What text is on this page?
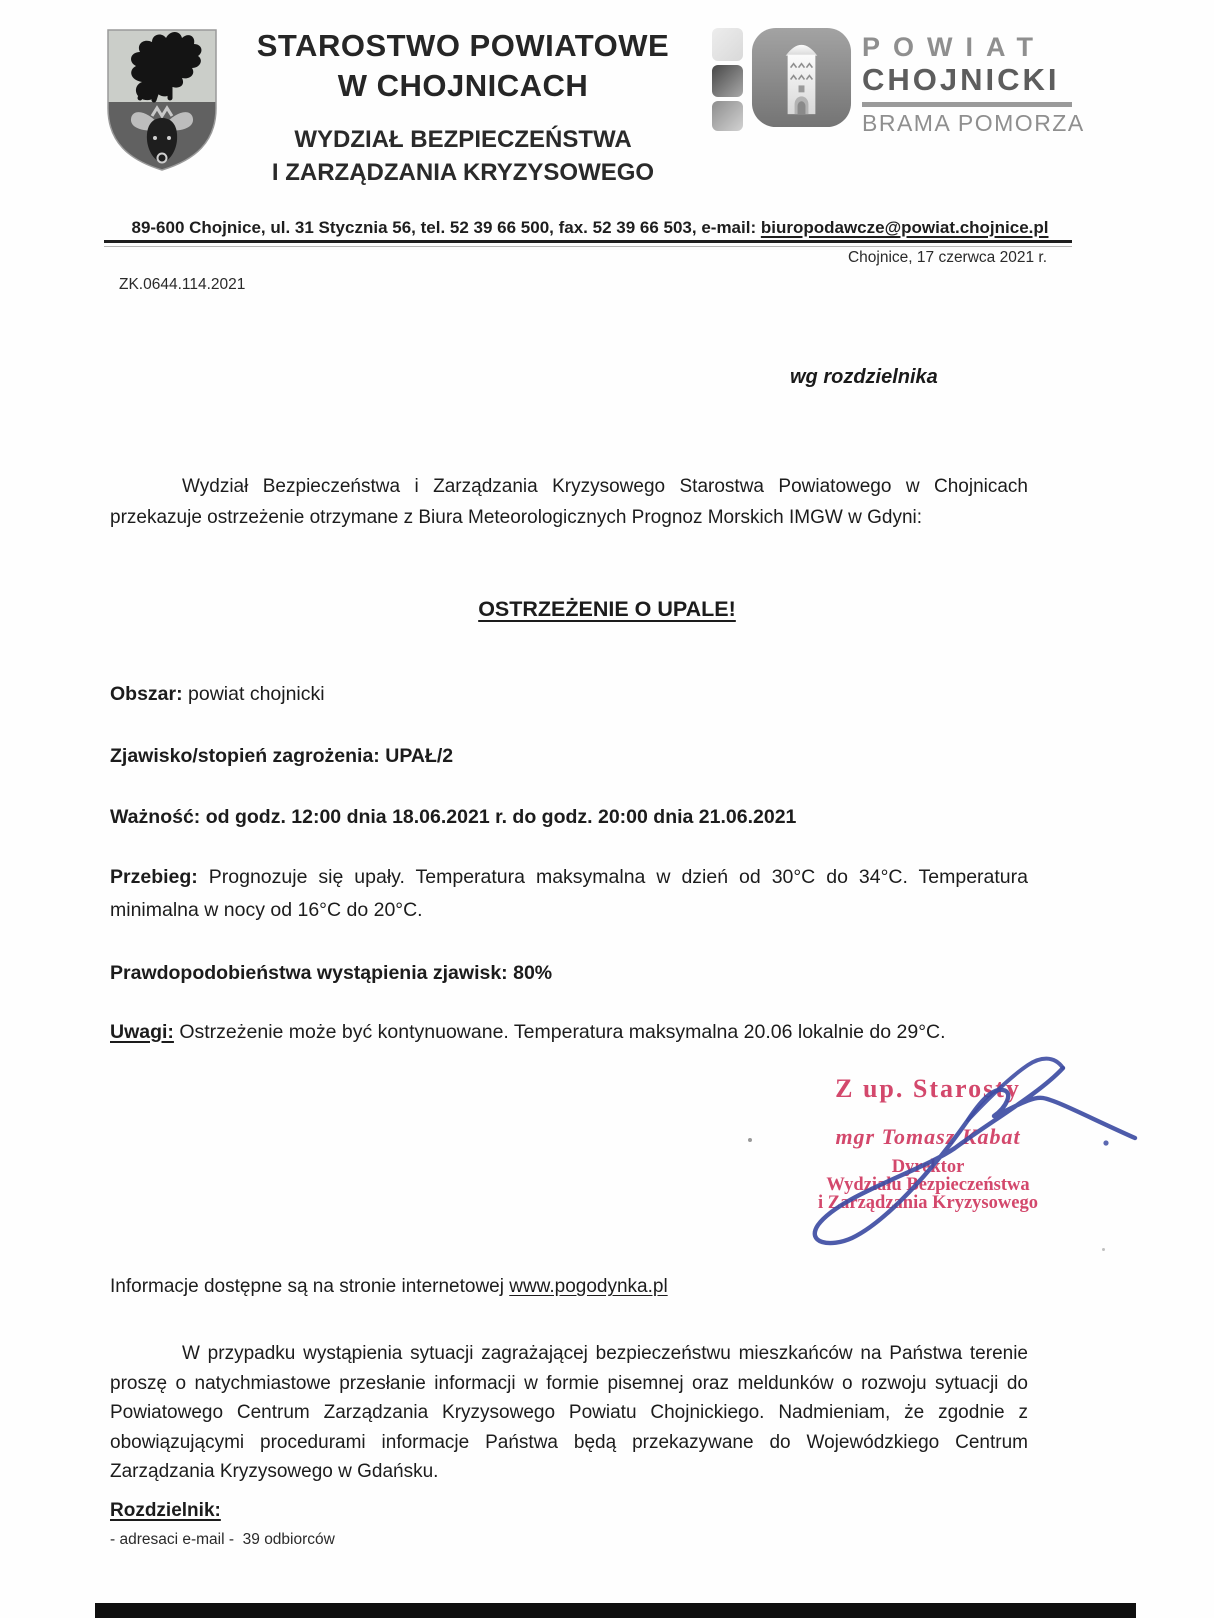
STAROSTWO POWIATOWE
W CHOJNICACH
WYDZIAŁ BEZPIECZEŃSTWA
I ZARZĄDZANIA KRYZYSOWEGO
POWIAT
CHOJNICKI
BRAMA POMORZA
89-600 Chojnice, ul. 31 Stycznia 56, tel. 52 39 66 500, fax. 52 39 66 503, e-mail: biuropodawcze@powiat.chojnice.pl
Chojnice, 17 czerwca 2021 r.
ZK.0644.114.2021
wg rozdzielnika

Wydział Bezpieczeństwa i Zarządzania Kryzysowego Starostwa Powiatowego w Chojnicach przekazuje ostrzeżenie otrzymane z Biura Meteorologicznych Prognoz Morskich IMGW w Gdyni:

OSTRZEŻENIE O UPALE!

Obszar: powiat chojnicki

Zjawisko/stopień zagrożenia: UPAŁ/2

Ważność: od godz. 12:00 dnia 18.06.2021 r. do godz. 20:00 dnia 21.06.2021

Przebieg: Prognozuje się upały. Temperatura maksymalna w dzień od 30°C do 34°C. Temperatura minimalna w nocy od 16°C do 20°C.

Prawdopodobieństwa wystąpienia zjawisk: 80%

Uwagi: Ostrzeżenie może być kontynuowane. Temperatura maksymalna 20.06 lokalnie do 29°C.

Z up. Starosty
mgr Tomasz Kabat
Dyrektor
Wydziału Bezpieczeństwa
i Zarządzania Kryzysowego
Informacje dostępne są na stronie internetowej www.pogodynka.pl

W przypadku wystąpienia sytuacji zagrażającej bezpieczeństwu mieszkańców na Państwa terenie proszę o natychmiastowe przesłanie informacji w formie pisemnej oraz meldunków o rozwoju sytuacji do Powiatowego Centrum Zarządzania Kryzysowego Powiatu Chojnickiego. Nadmieniam, że zgodnie z obowiązującymi procedurami informacje Państwa będą przekazywane do Wojewódzkiego Centrum Zarządzania Kryzysowego w Gdańsku.

Rozdzielnik:
- adresaci e-mail -  39 odbiorców
